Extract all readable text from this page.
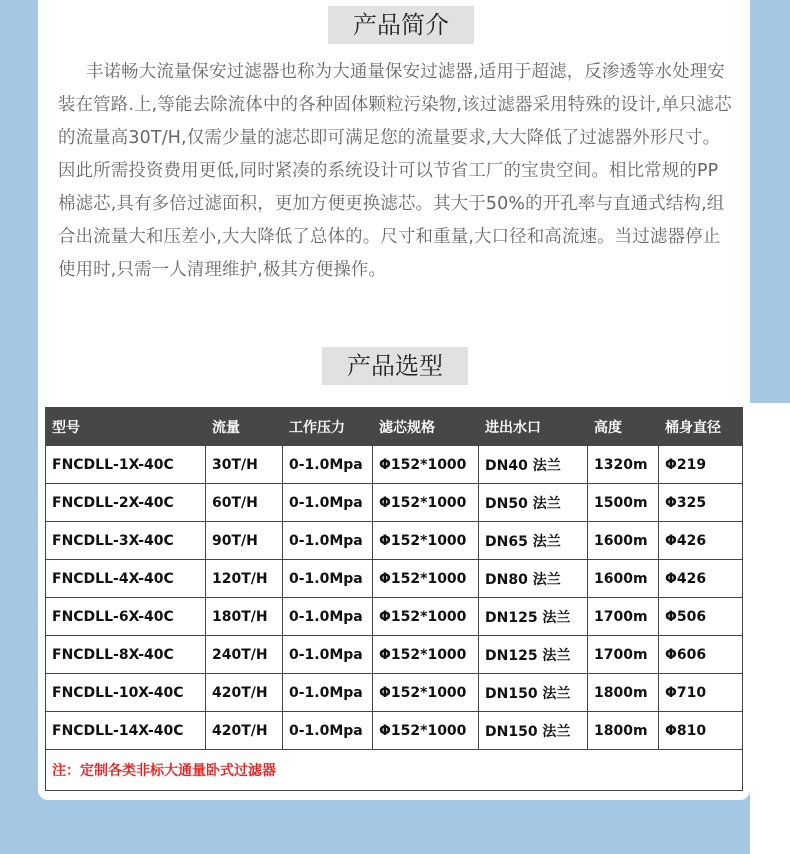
产品简介

丰诺畅大流量保安过滤器也称为大通量保安过滤器,适用于超滤，反渗透等水处理安装在管路.上,等能去除流体中的各种固体颗粒污染物,该过滤器采用特殊的设计,单只滤芯的流量高30T/H,仅需少量的滤芯即可满足您的流量要求,大大降低了过滤器外形尺寸。因此所需投资费用更低,同时紧凑的系统设计可以节省工厂的宝贵空间。相比常规的PP棉滤芯,具有多倍过滤面积，更加方便更换滤芯。其大于50%的开孔率与直通式结构,组合出流量大和压差小,大大降低了总体的。尺寸和重量,大口径和高流速。当过滤器停止使用时,只需一人清理维护,极其方便操作。

产品选型
型号	流量	工作压力	滤芯规格	进出水口	高度	桶身直径
FNCDLL-1X-40C	30T/H	0-1.0Mpa	Φ152*1000	DN40 法兰	1320m	Φ219
FNCDLL-2X-40C	60T/H	0-1.0Mpa	Φ152*1000	DN50 法兰	1500m	Φ325
FNCDLL-3X-40C	90T/H	0-1.0Mpa	Φ152*1000	DN65 法兰	1600m	Φ426
FNCDLL-4X-40C	120T/H	0-1.0Mpa	Φ152*1000	DN80 法兰	1600m	Φ426
FNCDLL-6X-40C	180T/H	0-1.0Mpa	Φ152*1000	DN125 法兰	1700m	Φ506
FNCDLL-8X-40C	240T/H	0-1.0Mpa	Φ152*1000	DN125 法兰	1700m	Φ606
FNCDLL-10X-40C	420T/H	0-1.0Mpa	Φ152*1000	DN150 法兰	1800m	Φ710
FNCDLL-14X-40C	420T/H	0-1.0Mpa	Φ152*1000	DN150 法兰	1800m	Φ810
注：定制各类非标大通量卧式过滤器						
